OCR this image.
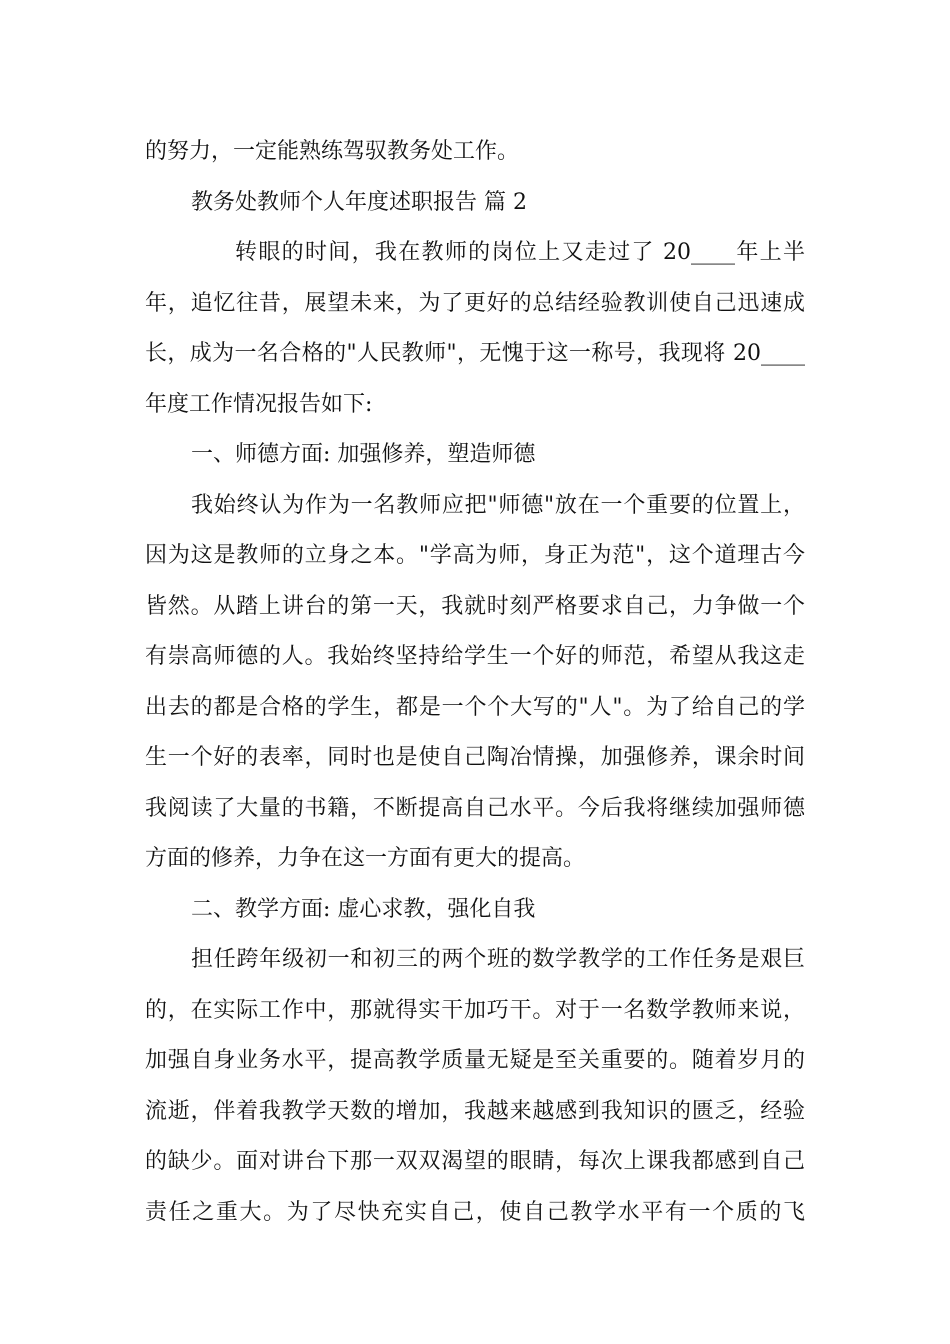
的努力，一定能熟练驾驭教务处工作。
教务处教师个人年度述职报告 篇 2
转眼的时间，我在教师的岗位上又走过了 20____年上半
年，追忆往昔，展望未来，为了更好的总结经验教训使自己迅速成
长，成为一名合格的"人民教师"，无愧于这一称号，我现将 20____
年度工作情况报告如下:
一、师德方面: 加强修养，塑造师德
我始终认为作为一名教师应把"师德"放在一个重要的位置上，
因为这是教师的立身之本。"学高为师，身正为范"，这个道理古今
皆然。从踏上讲台的第一天，我就时刻严格要求自己，力争做一个
有崇高师德的人。我始终坚持给学生一个好的师范，希望从我这走
出去的都是合格的学生，都是一个个大写的"人"。为了给自己的学
生一个好的表率，同时也是使自己陶冶情操，加强修养，课余时间
我阅读了大量的书籍，不断提高自己水平。今后我将继续加强师德
方面的修养，力争在这一方面有更大的提高。
二、教学方面: 虚心求教，强化自我
担任跨年级初一和初三的两个班的数学教学的工作任务是艰巨
的，在实际工作中，那就得实干加巧干。对于一名数学教师来说，
加强自身业务水平，提高教学质量无疑是至关重要的。随着岁月的
流逝，伴着我教学天数的增加，我越来越感到我知识的匮乏，经验
的缺少。面对讲台下那一双双渴望的眼睛，每次上课我都感到自己
责任之重大。为了尽快充实自己，使自己教学水平有一个质的飞
